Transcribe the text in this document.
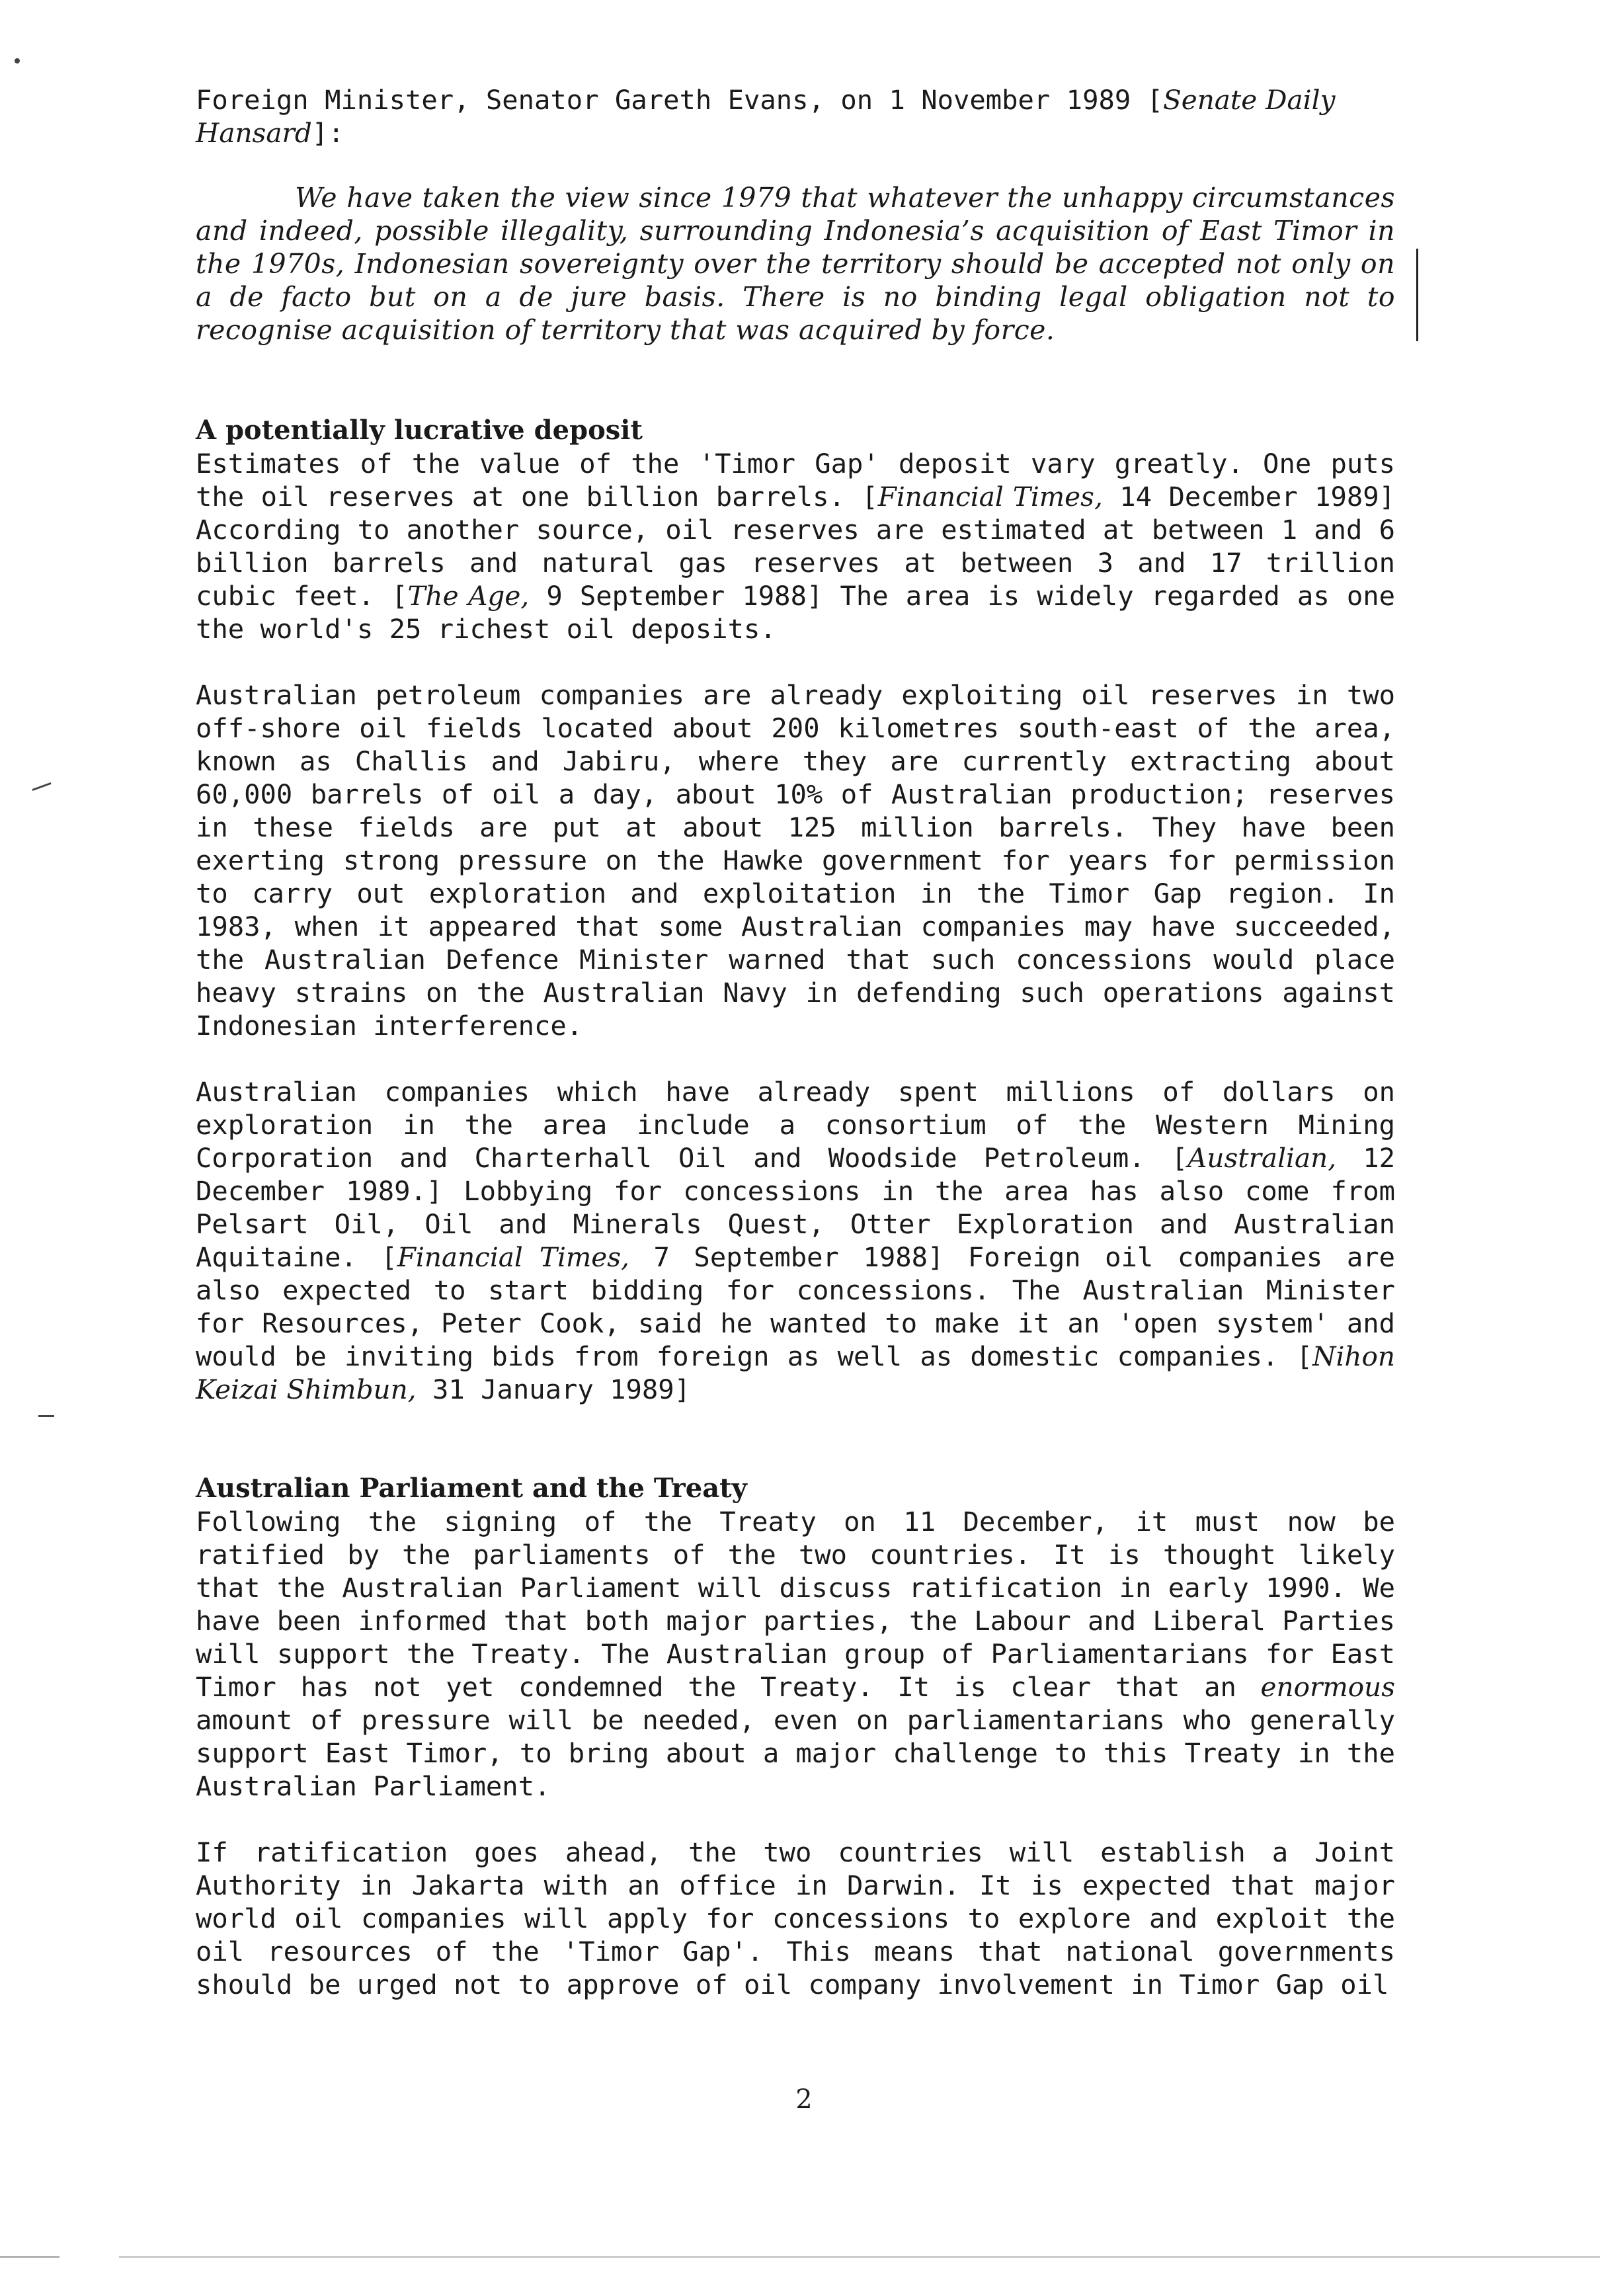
Foreign Minister, Senator Gareth Evans, on 1 November 1989 [Senate Daily Hansard]:

We have taken the view since 1979 that whatever the unhappy circumstances and indeed, possible illegality, surrounding Indonesia’s acquisition of East Timor in the 1970s, Indonesian sovereignty over the territory should be accepted not only on a de facto but on a de jure basis. There is no binding legal obligation not to recognise acquisition of territory that was acquired by force.

A potentially lucrative deposit

Estimates of the value of the 'Timor Gap' deposit vary greatly. One puts the oil reserves at one billion barrels. [Financial Times, 14 December 1989] According to another source, oil reserves are estimated at between 1 and 6 billion barrels and natural gas reserves at between 3 and 17 trillion cubic feet. [The Age, 9 September 1988] The area is widely regarded as one the world's 25 richest oil deposits.

Australian petroleum companies are already exploiting oil reserves in two off-shore oil fields located about 200 kilometres south-east of the area, known as Challis and Jabiru, where they are currently extracting about 60,000 barrels of oil a day, about 10% of Australian production; reserves in these fields are put at about 125 million barrels. They have been exerting strong pressure on the Hawke government for years for permission to carry out exploration and exploitation in the Timor Gap region. In 1983, when it appeared that some Australian companies may have succeeded, the Australian Defence Minister warned that such concessions would place heavy strains on the Australian Navy in defending such operations against Indonesian interference.

Australian companies which have already spent millions of dollars on exploration in the area include a consortium of the Western Mining Corporation and Charterhall Oil and Woodside Petroleum. [Australian, 12 December 1989.] Lobbying for concessions in the area has also come from Pelsart Oil, Oil and Minerals Quest, Otter Exploration and Australian Aquitaine. [Financial Times, 7 September 1988] Foreign oil companies are also expected to start bidding for concessions. The Australian Minister for Resources, Peter Cook, said he wanted to make it an 'open system' and would be inviting bids from foreign as well as domestic companies. [Nihon Keizai Shimbun, 31 January 1989]

Australian Parliament and the Treaty

Following the signing of the Treaty on 11 December, it must now be ratified by the parliaments of the two countries. It is thought likely that the Australian Parliament will discuss ratification in early 1990. We have been informed that both major parties, the Labour and Liberal Parties will support the Treaty. The Australian group of Parliamentarians for East Timor has not yet condemned the Treaty. It is clear that an enormous amount of pressure will be needed, even on parliamentarians who generally support East Timor, to bring about a major challenge to this Treaty in the Australian Parliament.

If ratification goes ahead, the two countries will establish a Joint Authority in Jakarta with an office in Darwin. It is expected that major world oil companies will apply for concessions to explore and exploit the oil resources of the 'Timor Gap'. This means that national governments should be urged not to approve of oil company involvement in Timor Gap oil

2
